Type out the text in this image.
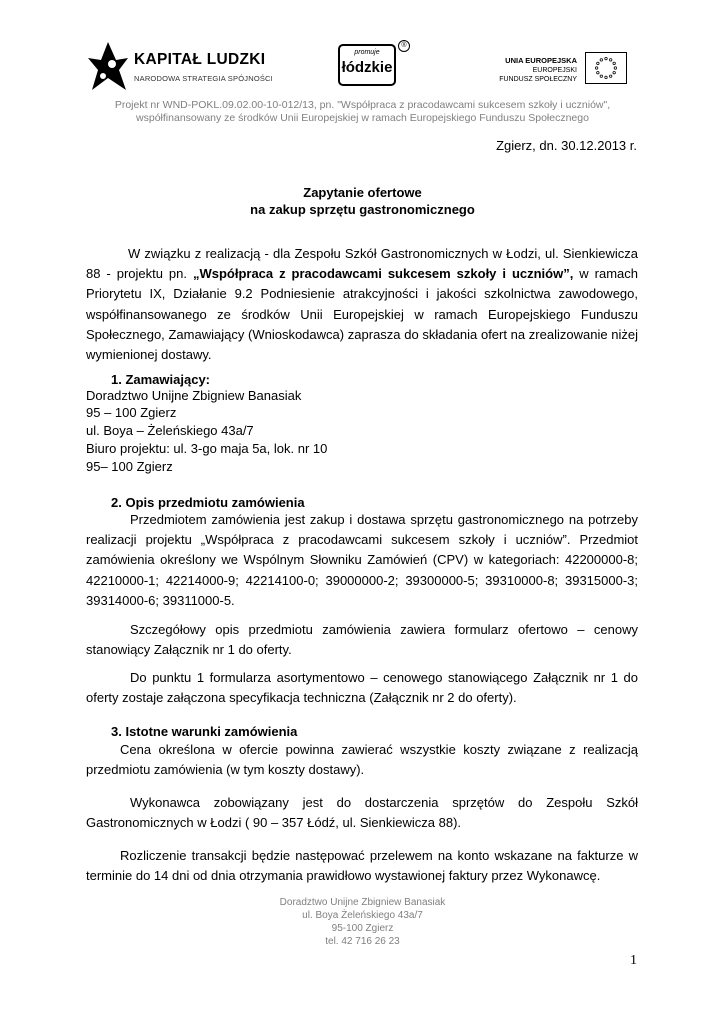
KAPITAŁ LUDZKI
NARODOWA STRATEGIA SPÓJNOŚCI
promuje
łódzkie
®
UNIA EUROPEJSKA
EUROPEJSKI
FUNDUSZ SPOŁECZNY
Projekt nr WND-POKL.09.02.00-10-012/13, pn. "Współpraca z pracodawcami sukcesem szkoły i uczniów",
współfinansowany ze środków Unii Europejskiej w ramach Europejskiego Funduszu Społecznego
Zgierz, dn. 30.12.2013 r.
Zapytanie ofertowe
na zakup sprzętu gastronomicznego
W związku z realizacją - dla Zespołu Szkół Gastronomicznych w Łodzi, ul. Sienkiewicza 88 - projektu pn. „Współpraca z pracodawcami sukcesem szkoły i uczniów”, w ramach Priorytetu IX, Działanie 9.2 Podniesienie atrakcyjności i jakości szkolnictwa zawodowego, współfinansowanego ze środków Unii Europejskiej w ramach Europejskiego Funduszu Społecznego, Zamawiający (Wnioskodawca) zaprasza do składania ofert na zrealizowanie niżej wymienionej dostawy.
1. Zamawiający:
Doradztwo Unijne Zbigniew Banasiak
95 – 100 Zgierz
ul. Boya – Żeleńskiego 43a/7
Biuro projektu: ul. 3-go maja 5a, lok. nr 10
95– 100 Zgierz
2. Opis przedmiotu zamówienia
Przedmiotem zamówienia jest zakup i dostawa sprzętu gastronomicznego na potrzeby realizacji projektu „Współpraca z pracodawcami sukcesem szkoły i uczniów”. Przedmiot zamówienia określony we Wspólnym Słowniku Zamówień (CPV) w kategoriach: 42200000-8; 42210000-1; 42214000-9; 42214100-0; 39000000-2; 39300000-5; 39310000-8; 39315000-3; 39314000-6; 39311000-5.
Szczegółowy opis przedmiotu zamówienia zawiera formularz ofertowo – cenowy stanowiący Załącznik nr 1 do oferty.
Do punktu 1 formularza asortymentowo – cenowego stanowiącego Załącznik nr 1 do oferty zostaje załączona specyfikacja techniczna (Załącznik nr 2 do oferty).
3. Istotne warunki zamówienia
Cena określona w ofercie powinna zawierać wszystkie koszty związane z realizacją przedmiotu zamówienia (w tym koszty dostawy).
Wykonawca zobowiązany jest do dostarczenia sprzętów do Zespołu Szkół Gastronomicznych w Łodzi ( 90 – 357 Łódź, ul. Sienkiewicza 88).
Rozliczenie transakcji będzie następować przelewem na konto wskazane na fakturze w terminie do 14 dni od dnia otrzymania prawidłowo wystawionej faktury przez Wykonawcę.
Doradztwo Unijne Zbigniew Banasiak
ul. Boya Żeleńskiego 43a/7
95-100 Zgierz
tel. 42 716 26 23
1
